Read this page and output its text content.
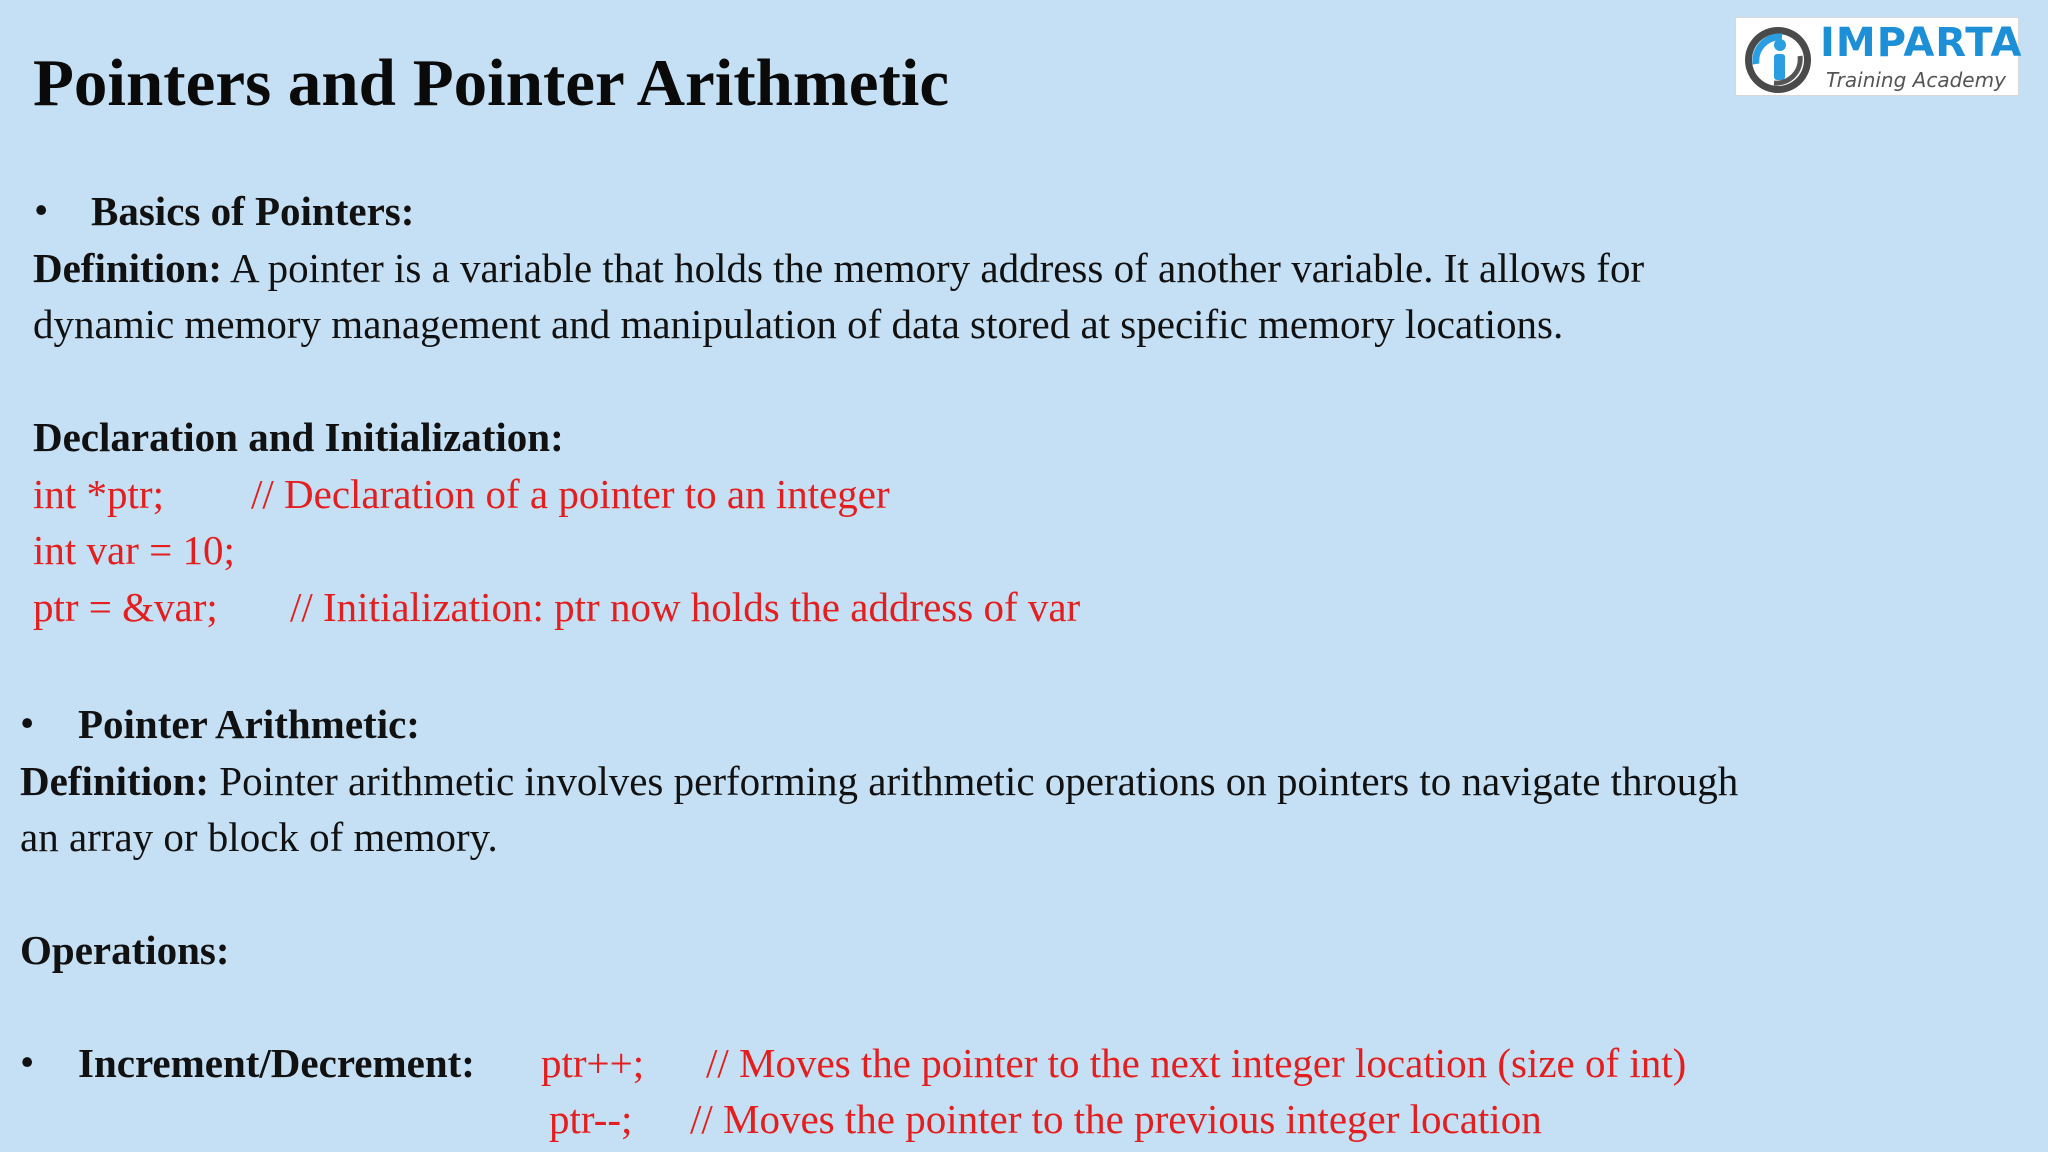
Pointers and Pointer Arithmetic
IMPARTA
Training Academy
• Basics of Pointers:
Definition: A pointer is a variable that holds the memory address of another variable. It allows for
dynamic memory management and manipulation of data stored at specific memory locations.
Declaration and Initialization:
int *ptr; // Declaration of a pointer to an integer
int var = 10;
ptr = &var; // Initialization: ptr now holds the address of var
• Pointer Arithmetic:
Definition: Pointer arithmetic involves performing arithmetic operations on pointers to navigate through
an array or block of memory.
Operations:
• Increment/Decrement: ptr++; // Moves the pointer to the next integer location (size of int)
ptr--; // Moves the pointer to the previous integer location
